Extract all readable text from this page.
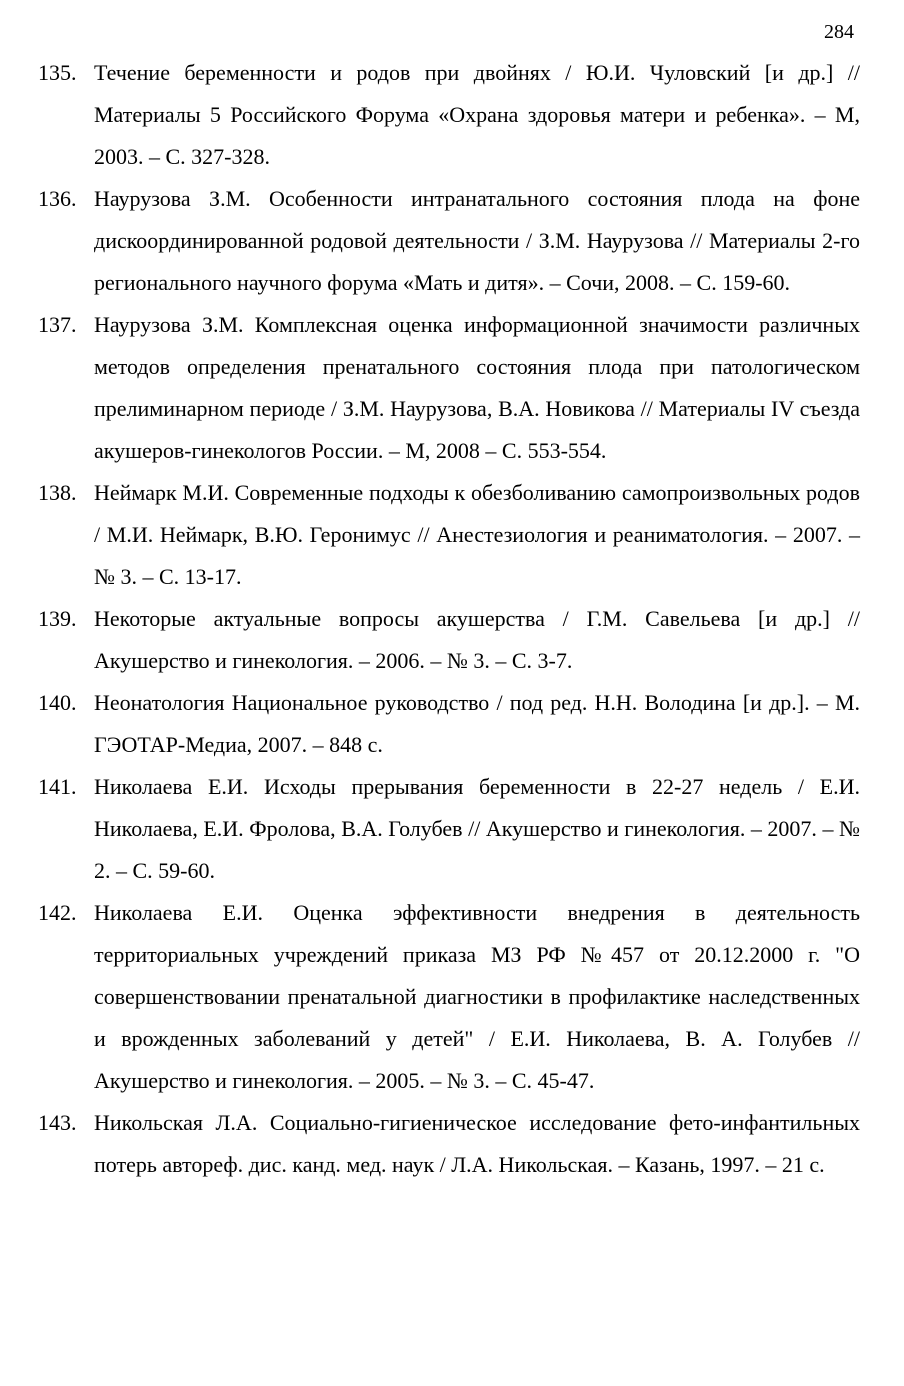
284
135. Течение беременности и родов при двойнях / Ю.И. Чуловский [и др.] // Материалы 5 Российского Форума «Охрана здоровья матери и ребенка». – М, 2003. – С. 327-328.
136. Наурузова З.М. Особенности интранатального состояния плода на фоне дискоординированной родовой деятельности / З.М. Наурузова // Материалы 2-го регионального научного форума «Мать и дитя». – Сочи, 2008. – С. 159-60.
137. Наурузова З.М. Комплексная оценка информационной значимости различных методов определения пренатального состояния плода при патологическом прелиминарном периоде / З.М. Наурузова, В.А. Новикова // Материалы IV съезда акушеров-гинекологов России. – М, 2008 – С. 553-554.
138. Неймарк М.И. Современные подходы к обезболиванию самопроизвольных родов / М.И. Неймарк, В.Ю. Геронимус // Анестезиология и реаниматология. – 2007. – № 3. – С. 13-17.
139. Некоторые актуальные вопросы акушерства / Г.М. Савельева [и др.] // Акушерство и гинекология. – 2006. – № 3. – С. 3-7.
140. Неонатология Национальное руководство / под ред. Н.Н. Володина [и др.]. – М. ГЭОТАР-Медиа, 2007. – 848 с.
141. Николаева Е.И. Исходы прерывания беременности в 22-27 недель / Е.И. Николаева, Е.И. Фролова, В.А. Голубев // Акушерство и гинекология. – 2007. – № 2. – С. 59-60.
142. Николаева Е.И. Оценка эффективности внедрения в деятельность территориальных учреждений приказа МЗ РФ №457 от 20.12.2000 г. "О совершенствовании пренатальной диагностики в профилактике наследственных и врожденных заболеваний у детей" / Е.И. Николаева, В. А. Голубев // Акушерство и гинекология. – 2005. – № 3. – С. 45-47.
143. Никольская Л.А. Социально-гигиеническое исследование фето-инфантильных потерь автореф. дис. канд. мед. наук / Л.А. Никольская. – Казань, 1997. – 21 с.
